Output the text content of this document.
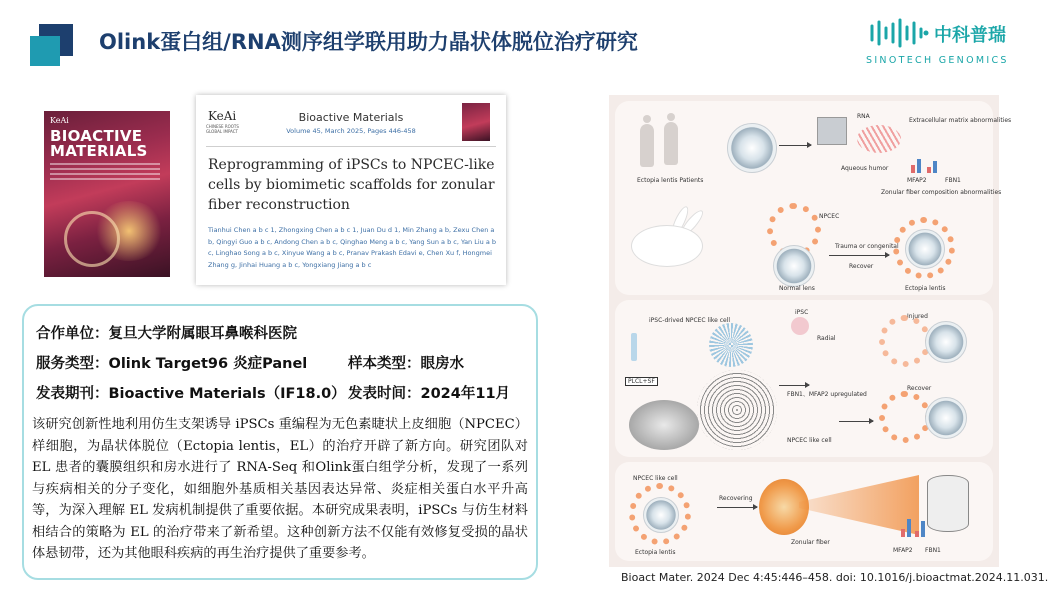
Olink蛋白组/RNA测序组学联用助力晶状体脱位治疗研究	中科普瑞
SINOTECH GENOMICS
KeAi
BIOACTIVE
MATERIALS
KeAi
CHINESE ROOTS GLOBAL IMPACT
Bioactive Materials
Volume 45, March 2025, Pages 446-458
Reprogramming of iPSCs to NPCEC-like cells by biomimetic scaffolds for zonular fiber reconstruction
Tianhui Chen a b c 1, Zhongxing Chen a b c 1, Juan Du d 1, Min Zhang a b, Zexu Chen a b, Qingyi Guo a b c, Andong Chen a b c, Qinghao Meng a b c, Yang Sun a b c, Yan Liu a b c, Linghao Song a b c, Xinyue Wang a b c, Pranav Prakash Edavi e, Chen Xu f, Hongmei Zhang g, Jinhai Huang a b c, Yongxiang Jiang a b c
合作单位：复旦大学附属眼耳鼻喉科医院
服务类型：Olink Target96 炎症Panel	样本类型：眼房水
发表期刊：Bioactive Materials（IF18.0） 发表时间：2024年11月
该研究创新性地利用仿生支架诱导 iPSCs 重编程为无色素睫状上皮细胞（NPCEC）样细胞，为晶状体脱位（Ectopia lentis，EL）的治疗开辟了新方向。研究团队对 EL 患者的囊膜组织和房水进行了 RNA-Seq 和Olink蛋白组学分析，发现了一系列与疾病相关的分子变化，如细胞外基质相关基因表达异常、炎症相关蛋白水平升高等，为深入理解 EL 发病机制提供了重要依据。本研究成果表明，iPSCs 与仿生材料相结合的策略为 EL 的治疗带来了新希望。这种创新方法不仅能有效修复受损的晶状体悬韧带，还为其他眼科疾病的再生治疗提供了重要参考。
Ectopia lentis Patients
RNA
Extracellular matrix abnormalities
Aqueous humor
Zonular fiber composition abnormalities
MFAP2	FBN1
NPCEC
Normal lens
Trauma or congenital
Recover
Ectopia lentis
iPSC-drived NPCEC like cell
PLCL+SF
iPSC
Radial
FBN1、MFAP2 upregulated
Injured
Recover
NPCEC like cell
NPCEC like cell
Ectopia lentis
Recovering
Zonular fiber
MFAP2 FBN1
Bioact Mater. 2024 Dec 4:45:446–458. doi: 10.1016/j.bioactmat.2024.11.031.
